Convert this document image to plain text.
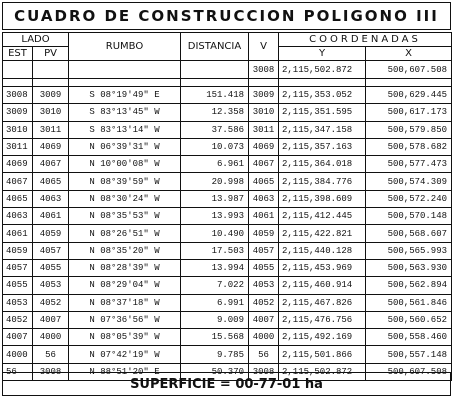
CUADRO DE CONSTRUCCION POLIGONO III
LADO		RUMBO	DISTANCIA	V	COORDENADAS	
EST	PV				Y	X
				3008	2,115,502.872	500,607.508

3008	3009	S 08°19'49" E	151.418	3009	2,115,353.052	500,629.445
3009	3010	S 83°13'45" W	12.358	3010	2,115,351.595	500,617.173
3010	3011	S 83°13'14" W	37.586	3011	2,115,347.158	500,579.850
3011	4069	N 06°39'31" W	10.073	4069	2,115,357.163	500,578.682
4069	4067	N 10°00'08" W	6.961	4067	2,115,364.018	500,577.473
4067	4065	N 08°39'59" W	20.998	4065	2,115,384.776	500,574.309
4065	4063	N 08°30'24" W	13.987	4063	2,115,398.609	500,572.240
4063	4061	N 08°35'53" W	13.993	4061	2,115,412.445	500,570.148
4061	4059	N 08°26'51" W	10.490	4059	2,115,422.821	500,568.607
4059	4057	N 08°35'20" W	17.503	4057	2,115,440.128	500,565.993
4057	4055	N 08°28'39" W	13.994	4055	2,115,453.969	500,563.930
4055	4053	N 08°29'04" W	7.022	4053	2,115,460.914	500,562.894
4053	4052	N 08°37'18" W	6.991	4052	2,115,467.826	500,561.846
4052	4007	N 07°36'56" W	9.009	4007	2,115,476.756	500,560.652
4007	4000	N 08°05'39" W	15.568	4000	2,115,492.169	500,558.460
4000	56	N 07°42'19" W	9.785	56	2,115,501.866	500,557.148
56	3008	N 88°51'20" E	50.370	3008	2,115,502.872	500,607.508
SUPERFICIE = 00-77-01 ha
